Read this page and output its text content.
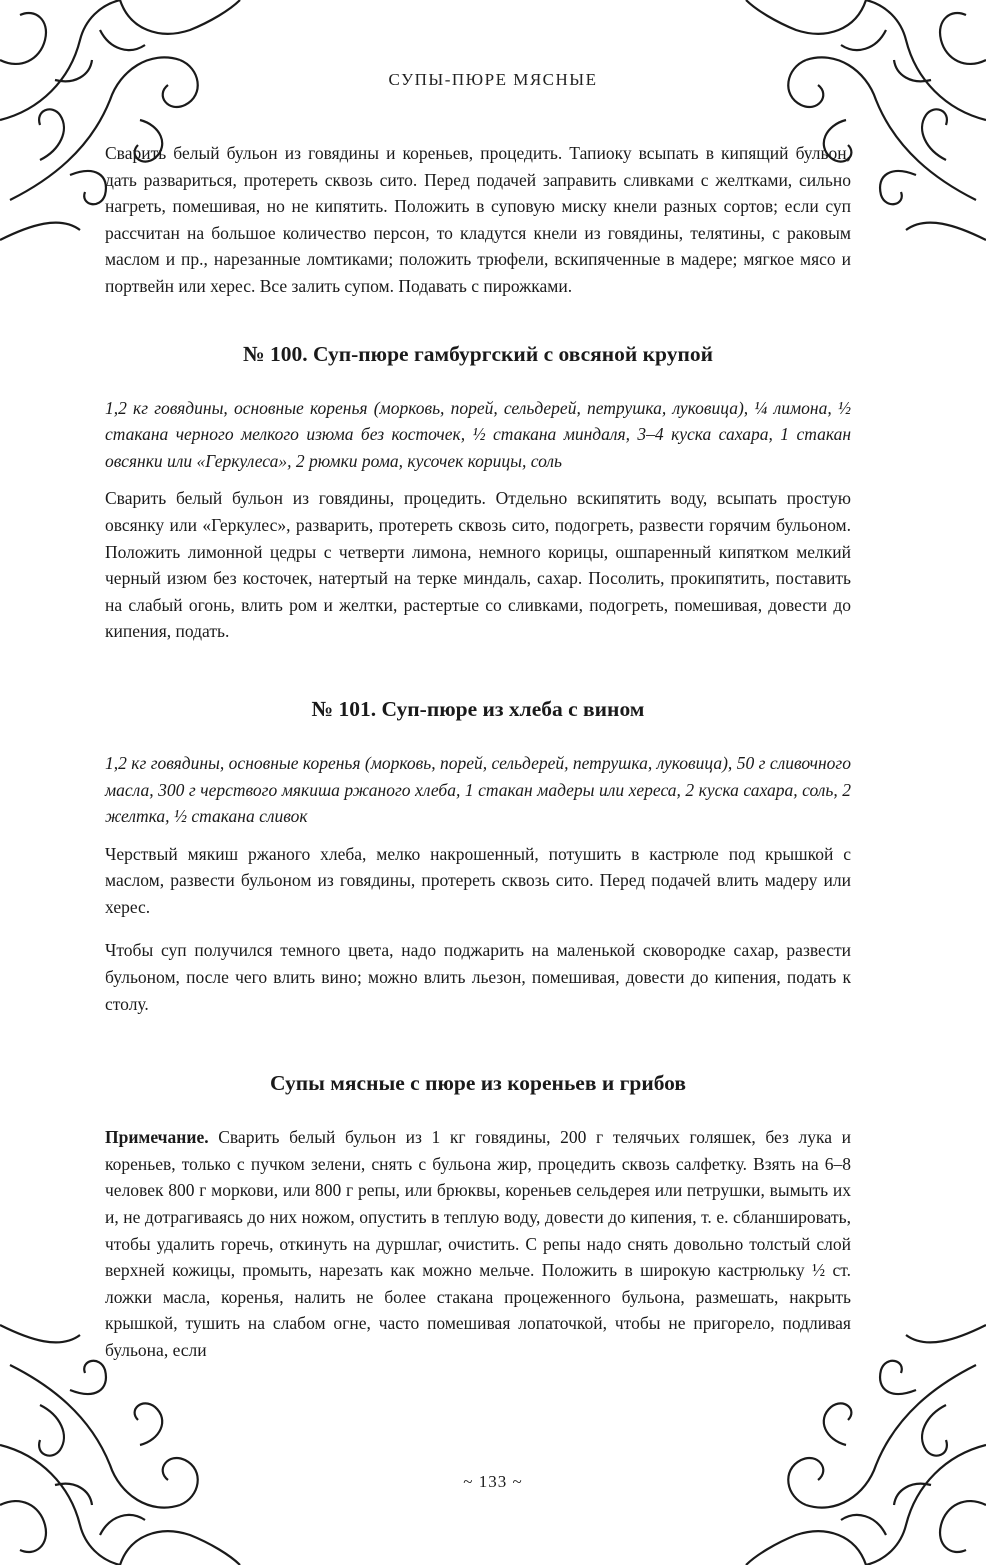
СУПЫ-ПЮРЕ МЯСНЫЕ

Сварить белый бульон из говядины и кореньев, процедить. Тапиоку всыпать в кипящий бульон, дать развариться, протереть сквозь сито. Перед подачей заправить сливками с желтками, сильно нагреть, помешивая, но не кипятить. Положить в суповую миску кнели разных сортов; если суп рассчитан на большое количество персон, то кладутся кнели из говядины, телятины, с раковым маслом и пр., нарезанные ломтиками; положить трюфели, вскипяченные в мадере; мягкое мясо и портвейн или херес. Все залить супом. Подавать с пирожками.

№ 100. Суп-пюре гамбургский с овсяной крупой

1,2 кг говядины, основные коренья (морковь, порей, сельдерей, петрушка, луковица), ¼ лимона, ½ стакана черного мелкого изюма без косточек, ½ стакана миндаля, 3–4 куска сахара, 1 стакан овсянки или «Геркулеса», 2 рюмки рома, кусочек корицы, соль

Сварить белый бульон из говядины, процедить. Отдельно вскипятить воду, всыпать простую овсянку или «Геркулес», разварить, протереть сквозь сито, подогреть, развести горячим бульоном. Положить лимонной цедры с четверти лимона, немного корицы, ошпаренный кипятком мелкий черный изюм без косточек, натертый на терке миндаль, сахар. Посолить, прокипятить, поставить на слабый огонь, влить ром и желтки, растертые со сливками, подогреть, помешивая, довести до кипения, подать.

№ 101. Суп-пюре из хлеба с вином

1,2 кг говядины, основные коренья (морковь, порей, сельдерей, петрушка, луковица), 50 г сливочного масла, 300 г черствого мякиша ржаного хлеба, 1 стакан мадеры или хереса, 2 куска сахара, соль, 2 желтка, ½ стакана сливок

Черствый мякиш ржаного хлеба, мелко накрошенный, потушить в кастрюле под крышкой с маслом, развести бульоном из говядины, протереть сквозь сито. Перед подачей влить мадеру или херес.

Чтобы суп получился темного цвета, надо поджарить на маленькой сковородке сахар, развести бульоном, после чего влить вино; можно влить льезон, помешивая, довести до кипения, подать к столу.

Супы мясные с пюре из кореньев и грибов

Примечание. Сварить белый бульон из 1 кг говядины, 200 г телячьих голяшек, без лука и кореньев, только с пучком зелени, снять с бульона жир, процедить сквозь салфетку. Взять на 6–8 человек 800 г моркови, или 800 г репы, или брюквы, кореньев сельдерея или петрушки, вымыть их и, не дотрагиваясь до них ножом, опустить в теплую воду, довести до кипения, т. е. сбланшировать, чтобы удалить горечь, откинуть на дуршлаг, очистить. С репы надо снять довольно толстый слой верхней кожицы, промыть, нарезать как можно мельче. Положить в широкую кастрюльку ½ ст. ложки масла, коренья, налить не более стакана процеженного бульона, размешать, накрыть крышкой, тушить на слабом огне, часто помешивая лопаточкой, чтобы не пригорело, подливая бульона, если

~ 133 ~
